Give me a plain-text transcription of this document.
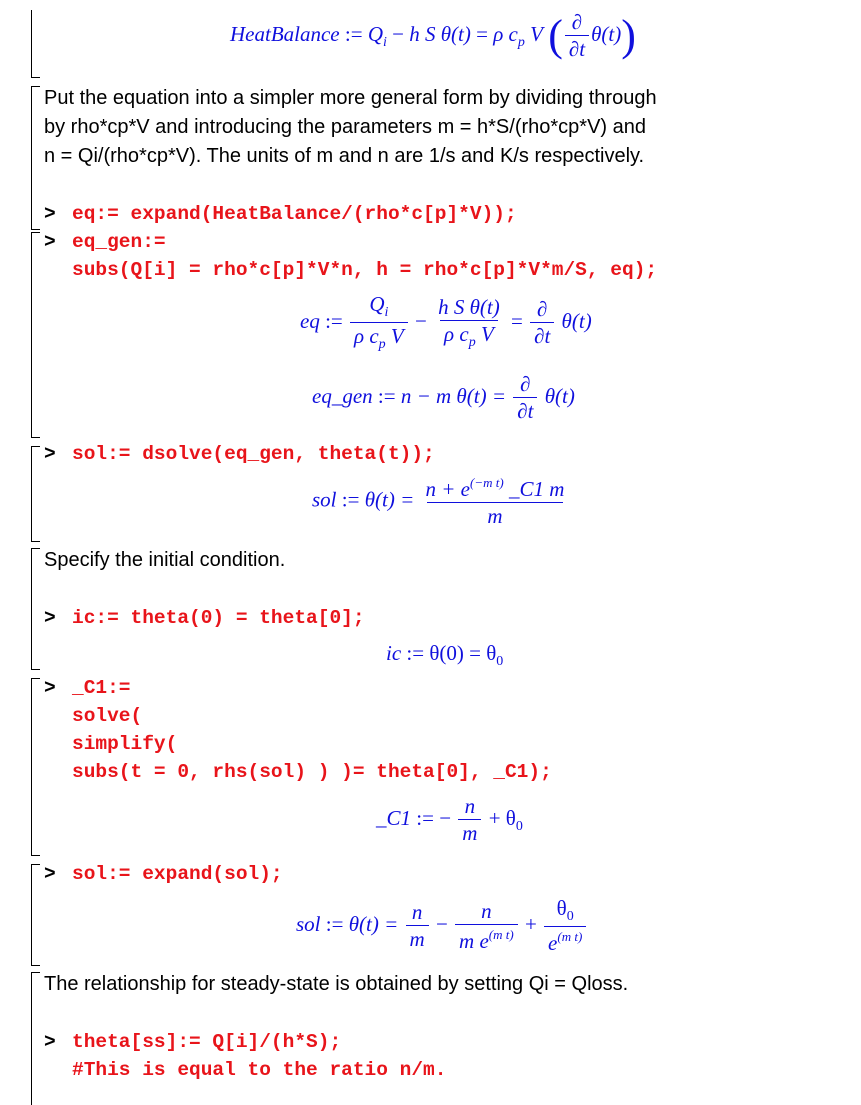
HeatBalance := $Q_i - h$ S θ(t) = ρ $c_p$ V ( $\frac{\partial}{\partial t} \theta(t)$)
Put the equation into a simpler more general form by dividing through
by rho*cp*V and introducing the parameters m = h*S/(rho*cp*V) and
n = Qi/(rho*cp*V). The units of m and n are 1/s and K/s respectively.
> eq:= expand(HeatBalance/(rho*c[p]*V));
> eq_gen:=
subs(Q[i] = rho*c[p]*V*n, h = rho*c[p]*V*m/S, eq);
eq := $\frac{Q_i}{\rho c_p V} - \frac{\text{h S θ(t)}}{\rho c_p V} = \frac{\partial}{\partial t} \theta(t)$
eq_gen := n − m $\theta(t) = \frac{\partial}{\partial t} \theta(t)$
> sol:= dsolve(eq_gen, theta(t));
sol := $\theta(t) = \frac{n + e^{(-m t)} \_C1 m}{m}$
Specify the initial condition.
> ic:= theta(0) = theta[0];
ic := $\theta(0) = \theta_0$
> _C1:=
solve(
simplify(
subs(t = 0, rhs(sol) ) )= theta[0], _C1);
_C1 := − $\frac{n}{m} + \theta_0$
> sol:= expand(sol);
sol := $\theta(t) = \frac{n}{m} - \frac{n}{m e^{(m t)}} + \frac{\theta_0}{e^{(m t)}}$
The relationship for steady-state is obtained by setting Qi = Qloss.
> theta[ss]:= Q[i]/(h*S);
#This is equal to the ratio n/m.
